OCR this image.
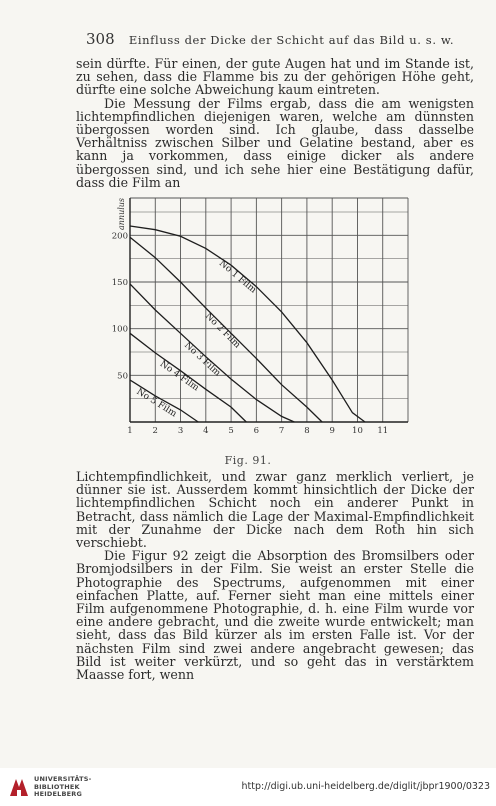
308 Einfluss der Dicke der Schicht auf das Bild u. s. w.

sein dürfte. Für einen, der gute Augen hat und im Stande ist, zu sehen, dass die Flamme bis zu der gehörigen Höhe geht, dürfte eine solche Abweichung kaum eintreten.

Die Messung der Films ergab, dass die am wenigsten lichtempfindlichen diejenigen waren, welche am dünnsten übergossen worden sind. Ich glaube, dass dasselbe Verhältniss zwischen Silber und Gelatine bestand, aber es kann ja vorkommen, dass einige dicker als andere übergossen sind, und ich sehe hier eine Bestätigung dafür, dass die Film an

1 2 3 4 5 6 7 8 9 10 11
50
100
150
200
annulus
No 1 Film
No 2 Film
No 3 Film
No 4 Film
No 5 Film
Fig. 91.

Lichtempfindlichkeit, und zwar ganz merklich verliert, je dünner sie ist. Ausserdem kommt hinsichtlich der Dicke der lichtempfindlichen Schicht noch ein anderer Punkt in Betracht, dass nämlich die Lage der Maximal-Empfindlichkeit mit der Zunahme der Dicke nach dem Roth hin sich verschiebt.

Die Figur 92 zeigt die Absorption des Bromsilbers oder Bromjodsilbers in der Film. Sie weist an erster Stelle die Photographie des Spectrums, aufgenommen mit einer einfachen Platte, auf. Ferner sieht man eine mittels einer Film aufgenommene Photographie, d. h. eine Film wurde vor eine andere gebracht, und die zweite wurde entwickelt; man sieht, dass das Bild kürzer als im ersten Falle ist. Vor der nächsten Film sind zwei andere angebracht gewesen; das Bild ist weiter verkürzt, und so geht das in verstärktem Maasse fort, wenn

UNIVERSITÄTS-
BIBLIOTHEK
HEIDELBERG
http://digi.ub.uni-heidelberg.de/diglit/jbpr1900/0323
